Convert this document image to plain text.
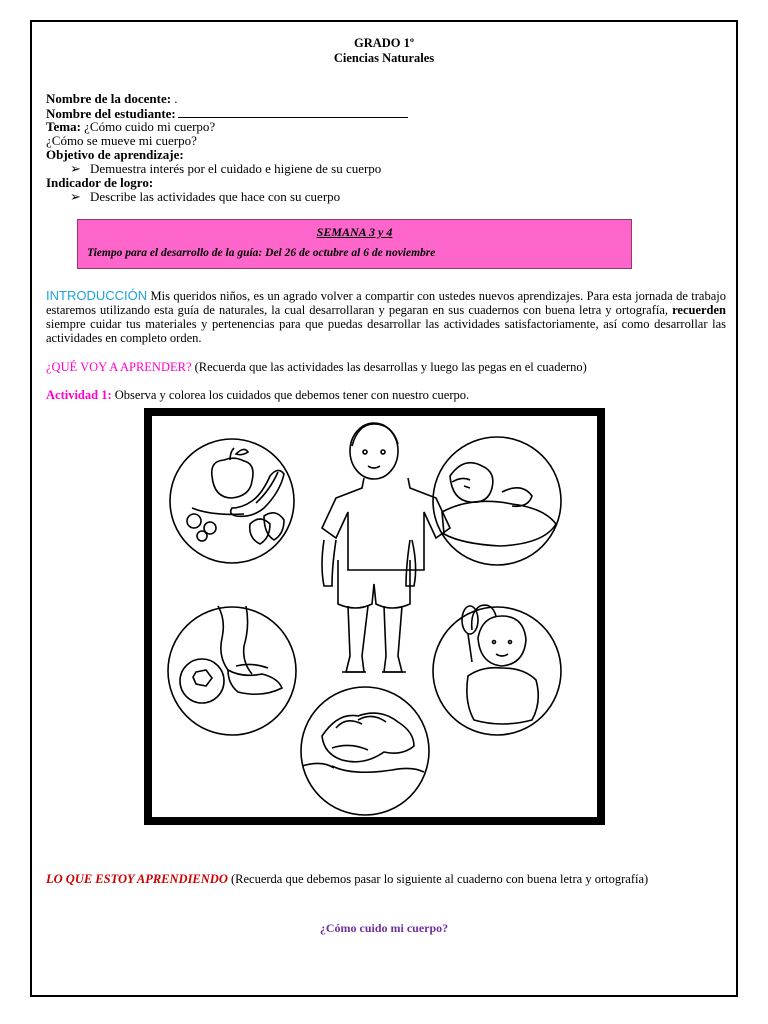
GRADO 1º
Ciencias Naturales
Nombre de la docente: .
Nombre del estudiante:
Tema: ¿Cómo cuido mi cuerpo?
¿Cómo se mueve mi cuerpo?
Objetivo de aprendizaje:
➢ Demuestra interés por el cuidado e higiene de su cuerpo
Indicador de logro:
➢ Describe las actividades que hace con su cuerpo
SEMANA 3 y 4
Tiempo para el desarrollo de la guía: Del 26 de octubre al 6 de noviembre
INTRODUCCIÓN Mis queridos niños, es un agrado volver a compartir con ustedes nuevos aprendizajes. Para esta jornada de trabajo estaremos utilizando esta guía de naturales, la cual desarrollaran y pegaran en sus cuadernos con buena letra y ortografía, recuerden siempre cuidar tus materiales y pertenencias para que puedas desarrollar las actividades satisfactoriamente, así como desarrollar las actividades en completo orden.
¿QUÉ VOY A APRENDER? (Recuerda que las actividades las desarrollas y luego las pegas en el cuaderno)
Actividad 1: Observa y colorea los cuidados que debemos tener con nuestro cuerpo.
LO QUE ESTOY APRENDIENDO (Recuerda que debemos pasar lo siguiente al cuaderno con buena letra y ortografía)
¿Cómo cuido mi cuerpo?
